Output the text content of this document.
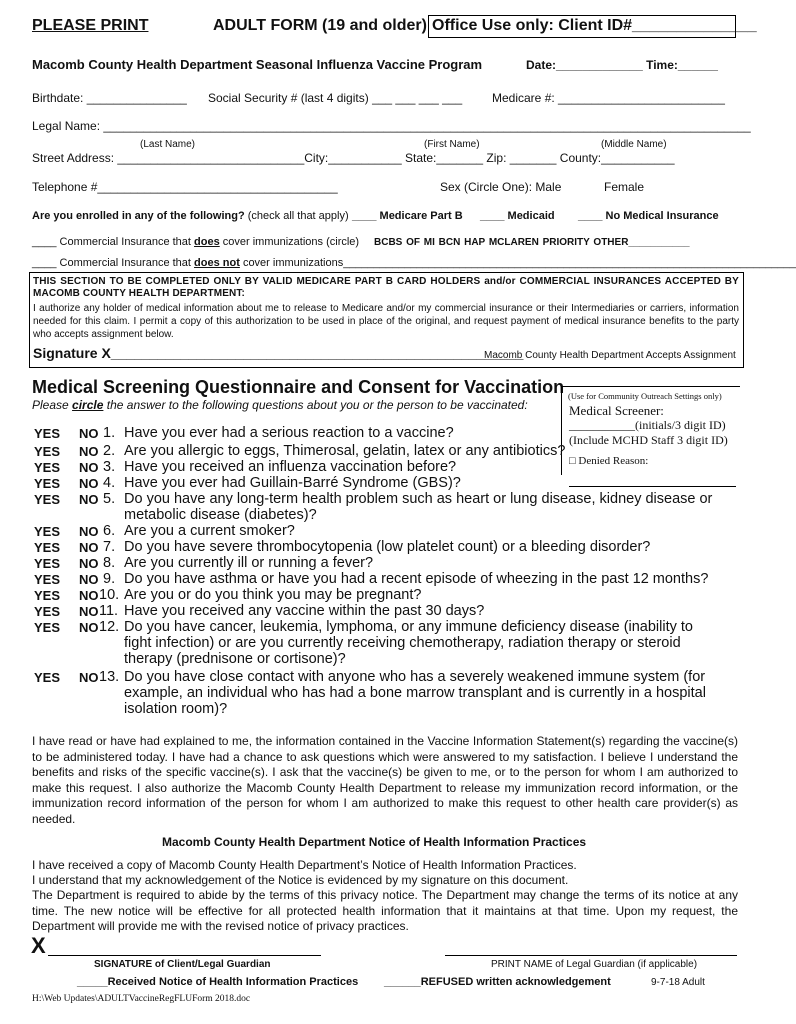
PLEASE PRINT	ADULT FORM (19 and older) Office Use only: Client ID#______________
Macomb County Health Department Seasonal Influenza Vaccine Program	Date:_____________ Time:______
Birthdate: _______________ Social Security # (last 4 digits) ___ ___ ___ ___ Medicare #: _________________________
Legal Name: _________________________________________________________________________________________________
(Last Name)	(First Name)	(Middle Name)
Street Address: ____________________________City:___________ State:_______ Zip: _______ County:___________
Telephone #____________________________________	Sex (Circle One): Male	Female
Are you enrolled in any of the following? (check all that apply) ____ Medicare Part B ____ Medicaid ____ No Medical Insurance
____ Commercial Insurance that does cover immunizations (circle) BCBS OF MI BCN HAP MCLAREN PRIORITY OTHER___________
____ Commercial Insurance that does not cover immunizations__________________________________________________________________________
THIS SECTION TO BE COMPLETED ONLY BY VALID MEDICARE PART B CARD HOLDERS and/or COMMERCIAL INSURANCES ACCEPTED BY MACOMB COUNTY HEALTH DEPARTMENT:
I authorize any holder of medical information about me to release to Medicare and/or my commercial insurance or their Intermediaries or carriers, information needed for this claim. I permit a copy of this authorization to be used in place of the original, and request payment of medical insurance benefits to the party who accepts assignment below.
Signature X_____________________________________________________
Macomb County Health Department Accepts Assignment
Medical Screening Questionnaire and Consent for Vaccination
Please circle the answer to the following questions about you or the person to be vaccinated:
(Use for Community Outreach Settings only)
Medical Screener:
___________(initials/3 digit ID)
(Include MCHD Staff 3 digit ID)
□ Denied Reason:
YES NO 1. Have you ever had a serious reaction to a vaccine?
YES NO 2. Are you allergic to eggs, Thimerosal, gelatin, latex or any antibiotics?
YES NO 3. Have you received an influenza vaccination before?
YES NO 4. Have you ever had Guillain-Barré Syndrome (GBS)?
YES NO 5. Do you have any long-term health problem such as heart or lung disease, kidney disease or
metabolic disease (diabetes)?
YES NO 6. Are you a current smoker?
YES NO 7. Do you have severe thrombocytopenia (low platelet count) or a bleeding disorder?
YES NO 8. Are you currently ill or running a fever?
YES NO 9. Do you have asthma or have you had a recent episode of wheezing in the past 12 months?
YES NO 10. Are you or do you think you may be pregnant?
YES NO 11. Have you received any vaccine within the past 30 days?
YES NO 12. Do you have cancer, leukemia, lymphoma, or any immune deficiency disease (inability to
fight infection) or are you currently receiving chemotherapy, radiation therapy or steroid
therapy (prednisone or cortisone)?
YES NO 13. Do you have close contact with anyone who has a severely weakened immune system (for
example, an individual who has had a bone marrow transplant and is currently in a hospital
isolation room)?
I have read or have had explained to me, the information contained in the Vaccine Information Statement(s) regarding the vaccine(s) to be administered today. I have had a chance to ask questions which were answered to my satisfaction. I believe I understand the benefits and risks of the specific vaccine(s). I ask that the vaccine(s) be given to me, or to the person for whom I am authorized to make this request. I also authorize the Macomb County Health Department to release my immunization record information, or the immunization record information of the person for whom I am authorized to make this request to other health care provider(s) as needed.
Macomb County Health Department Notice of Health Information Practices
I have received a copy of Macomb County Health Department’s Notice of Health Information Practices.
I understand that my acknowledgement of the Notice is evidenced by my signature on this document.
The Department is required to abide by the terms of this privacy notice. The Department may change the terms of its notice at any time. The new notice will be effective for all protected health information that it maintains at that time. Upon my request, the Department will provide me with the revised notice of privacy practices.
X
SIGNATURE of Client/Legal Guardian	PRINT NAME of Legal Guardian (if applicable)
_____Received Notice of Health Information Practices ______REFUSED written acknowledgement	9-7-18 Adult
H:\Web Updates\ADULTVaccineRegFLUForm 2018.doc
